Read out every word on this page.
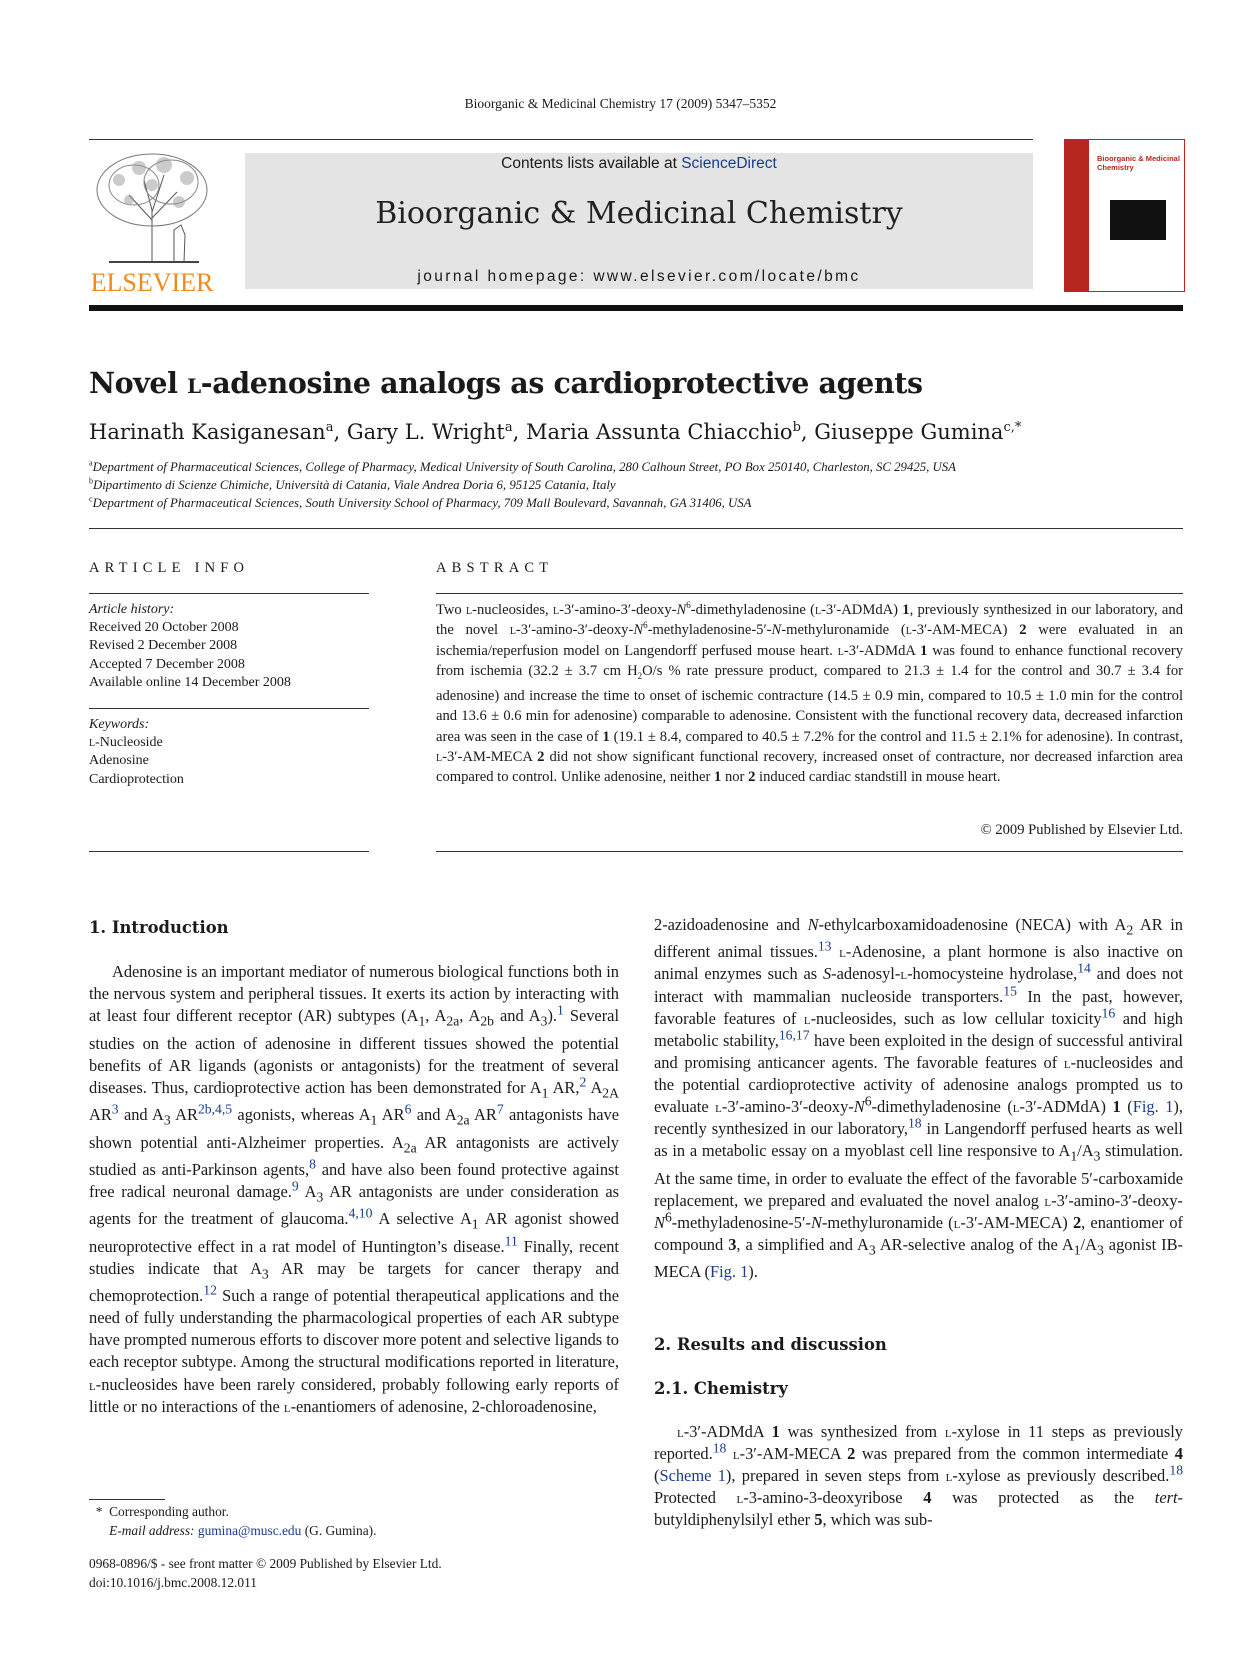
Bioorganic & Medicinal Chemistry 17 (2009) 5347–5352
ELSEVIER
Contents lists available at ScienceDirect
Bioorganic & Medicinal Chemistry
journal homepage: www.elsevier.com/locate/bmc
Bioorganic & Medicinal Chemistry
Novel l-adenosine analogs as cardioprotective agents
Harinath Kasiganesan$^a$, Gary L. Wright$^a$, Maria Assunta Chiacchio$^b$, Giuseppe Gumina$^{c,*}$
$^a$Department of Pharmaceutical Sciences, College of Pharmacy, Medical University of South Carolina, 280 Calhoun Street, PO Box 250140, Charleston, SC 29425, USA
$^b$Dipartimento di Scienze Chimiche, Università di Catania, Viale Andrea Doria 6, 95125 Catania, Italy
$^c$Department of Pharmaceutical Sciences, South University School of Pharmacy, 709 Mall Boulevard, Savannah, GA 31406, USA
ARTICLE INFO
Article history:
Received 20 October 2008
Revised 2 December 2008
Accepted 7 December 2008
Available online 14 December 2008
Keywords:
l-Nucleoside
Adenosine
Cardioprotection
ABSTRACT
Two l-nucleosides, $l-3'-amino-3'-deoxy-N^6$-dimethyladenosine (l-3′-ADMdA) 1, previously synthesized in our laboratory, and the novel $l-3'-amino-3'-deoxy-N^6-methyladenosine-5'-N$-methyluronamide (l-3′-AM-MECA) 2 were evaluated in an ischemia/reperfusion model on Langendorff perfused mouse heart. l-3′-ADMdA 1 was found to enhance functional recovery from ischemia (32.2 ± 3.7 cm $H_2O/s$ % rate pressure product, compared to 21.3 ± 1.4 for the control and 30.7 ± 3.4 for adenosine) and increase the time to onset of ischemic contracture (14.5 ± 0.9 min, compared to 10.5 ± 1.0 min for the control and 13.6 ± 0.6 min for adenosine) comparable to adenosine. Consistent with the functional recovery data, decreased infarction area was seen in the case of 1 (19.1 ± 8.4, compared to 40.5 ± 7.2% for the control and 11.5 ± 2.1% for adenosine). In contrast, l-3′-AM-MECA 2 did not show significant functional recovery, increased onset of contracture, nor decreased infarction area compared to control. Unlike adenosine, neither 1 nor 2 induced cardiac standstill in mouse heart.
© 2009 Published by Elsevier Ltd.
1. Introduction

Adenosine is an important mediator of numerous biological functions both in the nervous system and peripheral tissues. It exerts its action by interacting with at least four different receptor (AR) subtypes ($A_1$, $A_{2a}$, $A_{2b}$ and $A_3).^1$ Several studies on the action of adenosine in different tissues showed the potential benefits of AR ligands (agonists or antagonists) for the treatment of several diseases. Thus, cardioprotective action has been demonstrated for $A_1$ AR,$^2$ $A_{2A}$ $AR^3$ and $A_3$ $AR^{2b,4,5}$ agonists, whereas $A_1$ $AR^6$ and $A_{2a}$ $AR^7$ antagonists have shown potential anti-Alzheimer properties. $A_{2a}$ AR antagonists are actively studied as anti-Parkinson agents,$^8$ and have also been found protective against free radical neuronal damage.$^9$ $A_3$ AR antagonists are under consideration as agents for the treatment of glaucoma.$^{4,10}$ A selective $A_1$ AR agonist showed neuroprotective effect in a rat model of Huntington’s disease.$^{11}$ Finally, recent studies indicate that $A_3$ AR may be targets for cancer therapy and chemoprotection.$^{12}$ Such a range of potential therapeutical applications and the need of fully understanding the pharmacological properties of each AR subtype have prompted numerous efforts to discover more potent and selective ligands to each receptor subtype. Among the structural modifications reported in literature, l-nucleosides have been rarely considered, probably following early reports of little or no interactions of the l-enantiomers of adenosine, 2-chloroadenosine,

*  Corresponding author.
E-mail address: gumina@musc.edu (G. Gumina).
0968-0896/$ - see front matter © 2009 Published by Elsevier Ltd.
doi:10.1016/j.bmc.2008.12.011

2-azidoadenosine and N-ethylcarboxamidoadenosine (NECA) with $A_2$ AR in different animal tissues.$^{13}$ l-Adenosine, a plant hormone is also inactive on animal enzymes such as S-adenosyl-l-homocysteine hydrolase,$^{14}$ and does not interact with mammalian nucleoside transporters.$^{15}$ In the past, however, favorable features of l-nucleosides, such as low cellular toxicity$^{16}$ and high metabolic stability,$^{16,17}$ have been exploited in the design of successful antiviral and promising anticancer agents. The favorable features of l-nucleosides and the potential cardioprotective activity of adenosine analogs prompted us to evaluate $l-3'-amino-3'-deoxy-N^6$-dimethyladenosine (l-3′-ADMdA) 1 (Fig. 1), recently synthesized in our laboratory,$^{18}$ in Langendorff perfused hearts as well as in a metabolic essay on a myoblast cell line responsive to $A_1/A_3$ stimulation. At the same time, in order to evaluate the effect of the favorable 5′-carboxamide replacement, we prepared and evaluated the novel analog $l-3'-amino-3'-deoxy-N^6-methyladenosine-5'-N$-methyluronamide (l-3′-AM-MECA) 2, enantiomer of compound 3, a simplified and $A_3$ AR-selective analog of the $A_1/A_3$ agonist IB-MECA (Fig. 1).

2. Results and discussion
2.1. Chemistry

l-3′-ADMdA 1 was synthesized from l-xylose in 11 steps as previously reported.$^{18}$ l-3′-AM-MECA 2 was prepared from the common intermediate 4 (Scheme 1), prepared in seven steps from l-xylose as previously described.$^{18}$ Protected l-3-amino-3-deoxyribose 4 was protected as the tert-butyldiphenylsilyl ether 5, which was sub-
